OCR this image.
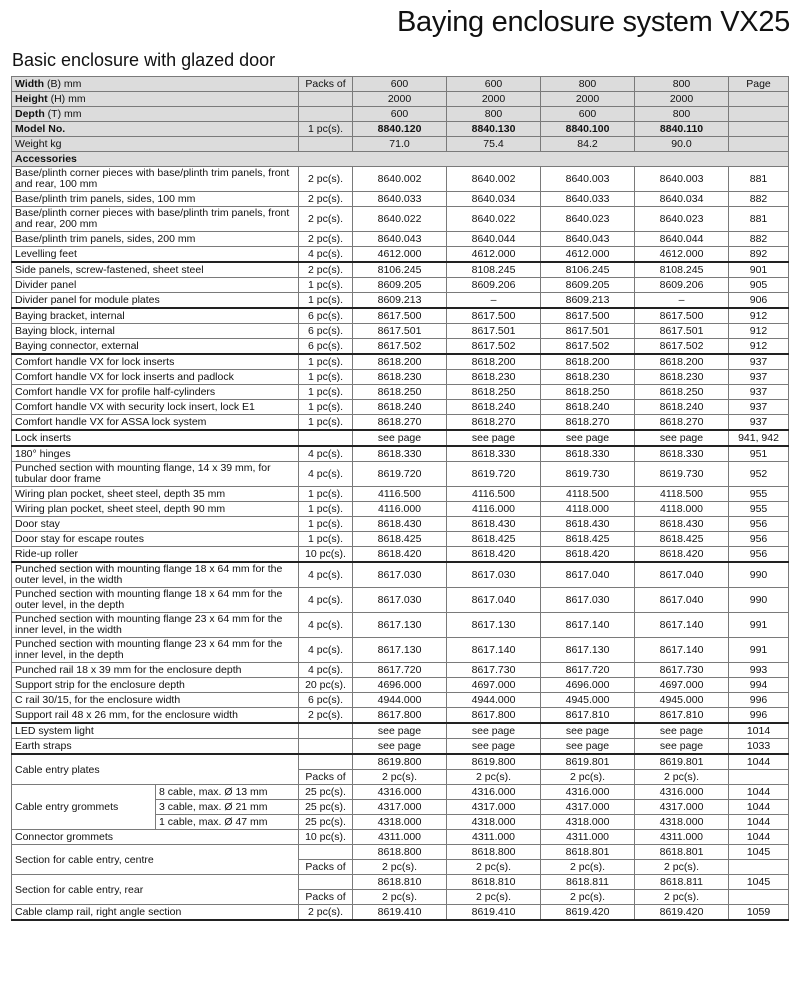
Baying enclosure system VX25
Basic enclosure with glazed door
Width (B) mm		Packs of	600	600	800	800	Page
Height (H) mm			2000	2000	2000	2000	
Depth (T) mm			600	800	600	800	
Model No.		1 pc(s).	8840.120	8840.130	8840.100	8840.110	
Weight kg			71.0	75.4	84.2	90.0	
Accessories							
Base/plinth corner pieces with base/plinth trim panels, front and rear, 100 mm		2 pc(s).	8640.002	8640.002	8640.003	8640.003	881
Base/plinth trim panels, sides, 100 mm		2 pc(s).	8640.033	8640.034	8640.033	8640.034	882
Base/plinth corner pieces with base/plinth trim panels, front and rear, 200 mm		2 pc(s).	8640.022	8640.022	8640.023	8640.023	881
Base/plinth trim panels, sides, 200 mm		2 pc(s).	8640.043	8640.044	8640.043	8640.044	882
Levelling feet		4 pc(s).	4612.000	4612.000	4612.000	4612.000	892
Side panels, screw-fastened, sheet steel		2 pc(s).	8106.245	8108.245	8106.245	8108.245	901
Divider panel		1 pc(s).	8609.205	8609.206	8609.205	8609.206	905
Divider panel for module plates		1 pc(s).	8609.213	–	8609.213	–	906
Baying bracket, internal		6 pc(s).	8617.500	8617.500	8617.500	8617.500	912
Baying block, internal		6 pc(s).	8617.501	8617.501	8617.501	8617.501	912
Baying connector, external		6 pc(s).	8617.502	8617.502	8617.502	8617.502	912
Comfort handle VX for lock inserts		1 pc(s).	8618.200	8618.200	8618.200	8618.200	937
Comfort handle VX for lock inserts and padlock		1 pc(s).	8618.230	8618.230	8618.230	8618.230	937
Comfort handle VX for profile half-cylinders		1 pc(s).	8618.250	8618.250	8618.250	8618.250	937
Comfort handle VX with security lock insert, lock E1		1 pc(s).	8618.240	8618.240	8618.240	8618.240	937
Comfort handle VX for ASSA lock system		1 pc(s).	8618.270	8618.270	8618.270	8618.270	937
Lock inserts			see page	see page	see page	see page	941, 942
180° hinges		4 pc(s).	8618.330	8618.330	8618.330	8618.330	951
Punched section with mounting flange, 14 x 39 mm, for tubular door frame		4 pc(s).	8619.720	8619.720	8619.730	8619.730	952
Wiring plan pocket, sheet steel, depth 35 mm		1 pc(s).	4116.500	4116.500	4118.500	4118.500	955
Wiring plan pocket, sheet steel, depth 90 mm		1 pc(s).	4116.000	4116.000	4118.000	4118.000	955
Door stay		1 pc(s).	8618.430	8618.430	8618.430	8618.430	956
Door stay for escape routes		1 pc(s).	8618.425	8618.425	8618.425	8618.425	956
Ride-up roller		10 pc(s).	8618.420	8618.420	8618.420	8618.420	956
Punched section with mounting flange 18 x 64 mm for the outer level, in the width		4 pc(s).	8617.030	8617.030	8617.040	8617.040	990
Punched section with mounting flange 18 x 64 mm for the outer level, in the depth		4 pc(s).	8617.030	8617.040	8617.030	8617.040	990
Punched section with mounting flange 23 x 64 mm for the inner level, in the width		4 pc(s).	8617.130	8617.130	8617.140	8617.140	991
Punched section with mounting flange 23 x 64 mm for the inner level, in the depth		4 pc(s).	8617.130	8617.140	8617.130	8617.140	991
Punched rail 18 x 39 mm for the enclosure depth		4 pc(s).	8617.720	8617.730	8617.720	8617.730	993
Support strip for the enclosure depth		20 pc(s).	4696.000	4697.000	4696.000	4697.000	994
C rail 30/15, for the enclosure width		6 pc(s).	4944.000	4944.000	4945.000	4945.000	996
Support rail 48 x 26 mm, for the enclosure width		2 pc(s).	8617.800	8617.800	8617.810	8617.810	996
LED system light			see page	see page	see page	see page	1014
Earth straps			see page	see page	see page	see page	1033
Cable entry plates			8619.800	8619.800	8619.801	8619.801	1044
		Packs of	2 pc(s).	2 pc(s).	2 pc(s).	2 pc(s).	
Cable entry grommets	8 cable, max. Ø 13 mm	25 pc(s).	4316.000	4316.000	4316.000	4316.000	1044
	3 cable, max. Ø 21 mm	25 pc(s).	4317.000	4317.000	4317.000	4317.000	1044
	1 cable, max. Ø 47 mm	25 pc(s).	4318.000	4318.000	4318.000	4318.000	1044
Connector grommets		10 pc(s).	4311.000	4311.000	4311.000	4311.000	1044
Section for cable entry, centre			8618.800	8618.800	8618.801	8618.801	1045
		Packs of	2 pc(s).	2 pc(s).	2 pc(s).	2 pc(s).	
Section for cable entry, rear			8618.810	8618.810	8618.811	8618.811	1045
		Packs of	2 pc(s).	2 pc(s).	2 pc(s).	2 pc(s).	
Cable clamp rail, right angle section		2 pc(s).	8619.410	8619.410	8619.420	8619.420	1059
